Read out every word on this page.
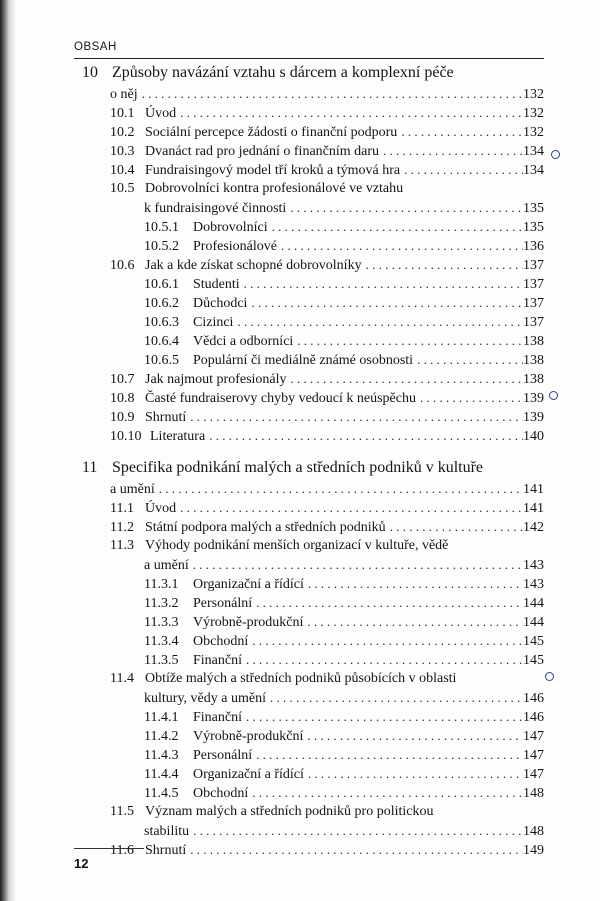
OBSAH
10 Způsoby navázání vztahu s dárcem a komplexní péče
o něj . . .	132
10.1 Úvod . . .	132
10.2 Sociální percepce žádosti o finanční podporu . . .	132
10.3 Dvanáct rad pro jednání o finančním daru . . .	134
10.4 Fundraisingový model tří kroků a týmová hra . . .	134
10.5 Dobrovolníci kontra profesionálové ve vztahu
k fundraisingové činnosti . . .	135
10.5.1	Dobrovolníci . . .	135
10.5.2	Profesionálové . . .	136
10.6 Jak a kde získat schopné dobrovolníky . . .	137
10.6.1	Studenti . . .	137
10.6.2	Důchodci . . .	137
10.6.3	Cizinci . . .	137
10.6.4	Vědci a odborníci . . .	138
10.6.5	Populární či mediálně známé osobnosti . . .	138
10.7 Jak najmout profesionály . . .	138
10.8 Časté fundraiserovy chyby vedoucí k neúspěchu . . .	139
10.9 Shrnutí . . .	139
10.10 Literatura . . .	140
11 Specifika podnikání malých a středních podniků v kultuře
a umění . . .	141
11.1 Úvod . . .	141
11.2 Státní podpora malých a středních podniků . . .	142
11.3 Výhody podnikání menších organizací v kultuře, vědě
a umění . . .	143
11.3.1	Organizační a řídící . . .	143
11.3.2	Personální . . .	144
11.3.3	Výrobně-produkční . . .	144
11.3.4	Obchodní . . .	145
11.3.5	Finanční . . .	145
11.4 Obtíže malých a středních podniků působících v oblasti
kultury, vědy a umění . . .	146
11.4.1	Finanční . . .	146
11.4.2	Výrobně-produkční . . .	147
11.4.3	Personální . . .	147
11.4.4	Organizační a řídící . . .	147
11.4.5	Obchodní . . .	148
11.5 Význam malých a středních podniků pro politickou
stabilitu . . .	148
11.6 Shrnutí . . .	149
12
